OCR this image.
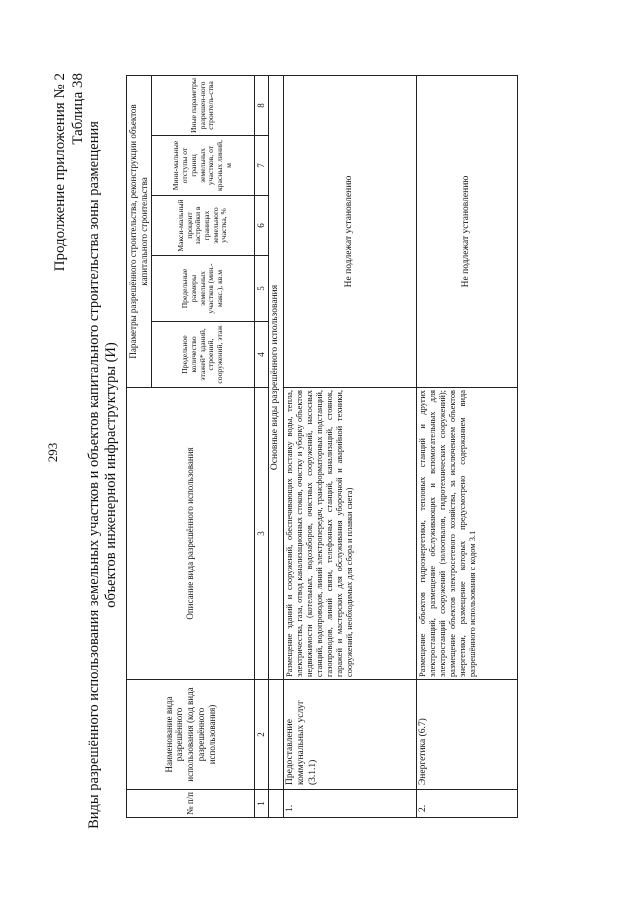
293
Продолжение приложения № 2 Таблица 38
Виды разрешённого использования земельных участков и объектов капитального строительства зоны размещения объектов инженерной инфраструктуры (И)
№ п/п	Наименование вида разрешённого использования (код вида разрешённого использования)	Описание вида разрешённого использования	Параметры разрешённого строительства, реконструкции объектов капитального строительства				
			Предельное количество этажей* зданий, строений, сооружений, этаж	Предельные размеры земельных участков (мин.- макс.), кв.м	Макси-мальный процент застройки в границах земельного участка, %	Мини-мальные отступы от границ земельных участков, от красных линий, м	Иные параметры разрешен-ного строитель-ства
1	2	3	4	5	6	7	8
		Основные виды разрешённого использования					
1.	Предоставление коммунальных услуг (3.1.1)	Размещение зданий и сооружений, обеспечивающих поставку воды, тепла, электричества, газа, отвод канализационных стоков, очистку и уборку объектов недвижимости (котельных, водозаборов, очистных сооружений, насосных станций, водопроводов, линий электропередач, трансформаторных подстанций, газопроводов, линий связи, телефонных станций, канализаций, стоянок, гаражей и мастерских для обслуживания уборочной и аварийной техники, сооружений, необходимых для сбора и плавки снега)	Не подлежат установлению				
2.	Энергетика (6.7)	Размещение объектов гидроэнергетики, тепловых станций и других электростанций, размещение обслуживающих и вспомогательных для электростанций сооружений (золоотвалов, гидротехнических сооружений); размещение объектов электросетевого хозяйства, за исключением объектов энергетики, размещение которых предусмотрено содержанием вида разрешённого использования с кодом 3.1	Не подлежат установлению				
